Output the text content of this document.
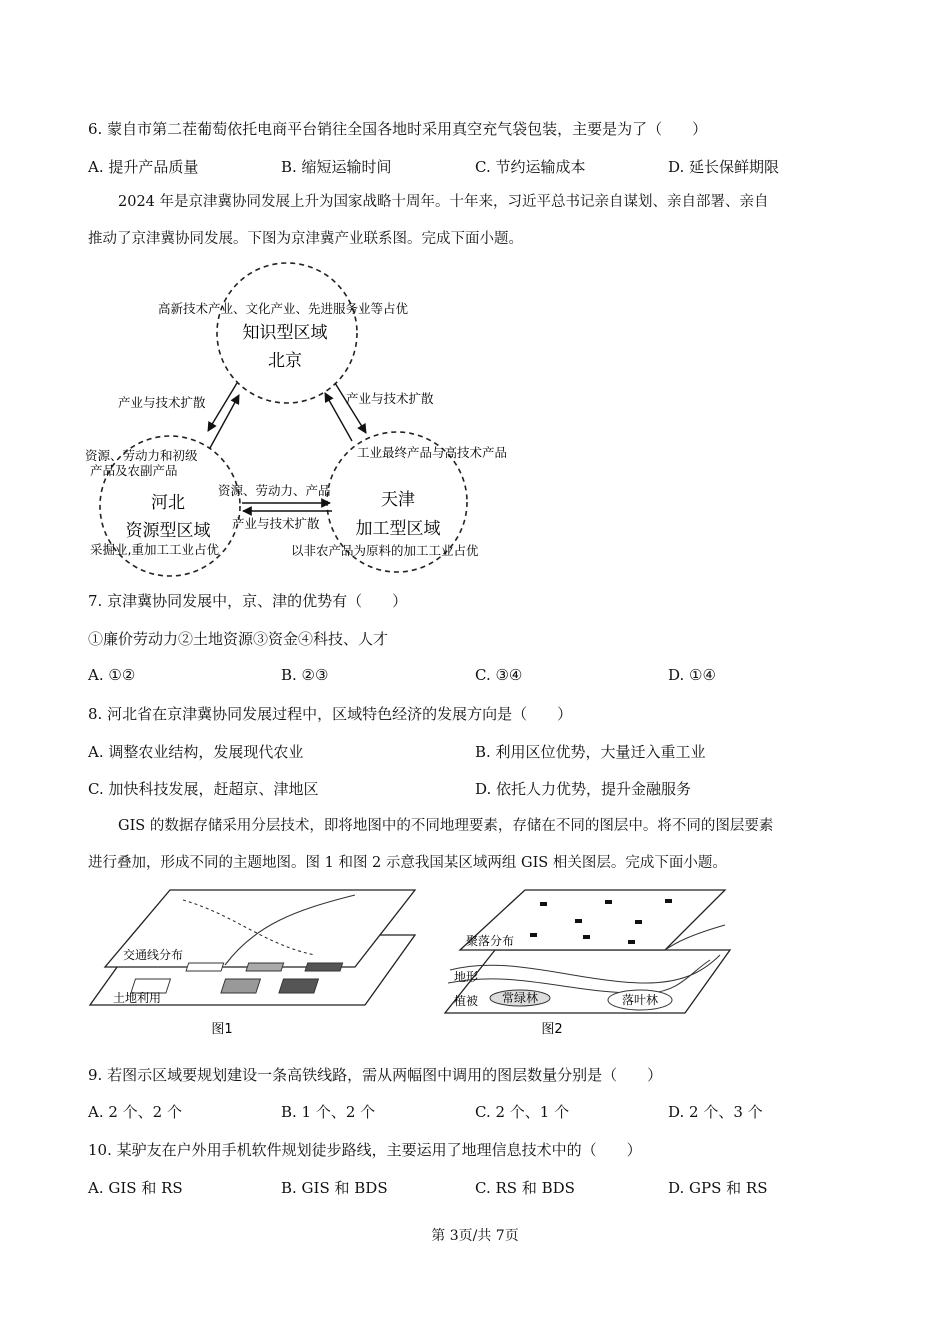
6. 蒙自市第二茬葡萄依托电商平台销往全国各地时采用真空充气袋包装，主要是为了（　　）
A. 提升产品质量	B. 缩短运输时间	C. 节约运输成本	D. 延长保鲜期限
2024 年是京津冀协同发展上升为国家战略十周年。十年来，习近平总书记亲自谋划、亲自部署、亲自
推动了京津冀协同发展。下图为京津冀产业联系图。完成下面小题。
高新技术产业、文化产业、先进服务业等占优
知识型区域
北京
产业与技术扩散	产业与技术扩散
资源、劳动力和初级
产品及农副产品
河北
资源型区域
采掘业,重加工工业占优
工业最终产品与高技术产品
天津
加工型区域
以非农产品为原料的加工工业占优
资源、劳动力、产品
产业与技术扩散
7. 京津冀协同发展中，京、津的优势有（　　）
①廉价劳动力②土地资源③资金④科技、人才
A. ①②	B. ②③	C. ③④	D. ①④
8. 河北省在京津冀协同发展过程中，区域特色经济的发展方向是（　　）
A. 调整农业结构，发展现代农业	B. 利用区位优势，大量迁入重工业
C. 加快科技发展，赶超京、津地区	D. 依托人力优势，提升金融服务
GIS 的数据存储采用分层技术，即将地图中的不同地理要素，存储在不同的图层中。将不同的图层要素
进行叠加，形成不同的主题地图。图 1 和图 2 示意我国某区域两组 GIS 相关图层。完成下面小题。
交通线分布
土地利用
图1
聚落分布
地形
植被 常绿林	落叶林
图2
9. 若图示区域要规划建设一条高铁线路，需从两幅图中调用的图层数量分别是（　　）
A. 2 个、2 个	B. 1 个、2 个	C. 2 个、1 个	D. 2 个、3 个
10. 某驴友在户外用手机软件规划徒步路线，主要运用了地理信息技术中的（　　）
A. GIS 和 RS	B. GIS 和 BDS	C. RS 和 BDS	D. GPS 和 RS
第 3页/共 7页
